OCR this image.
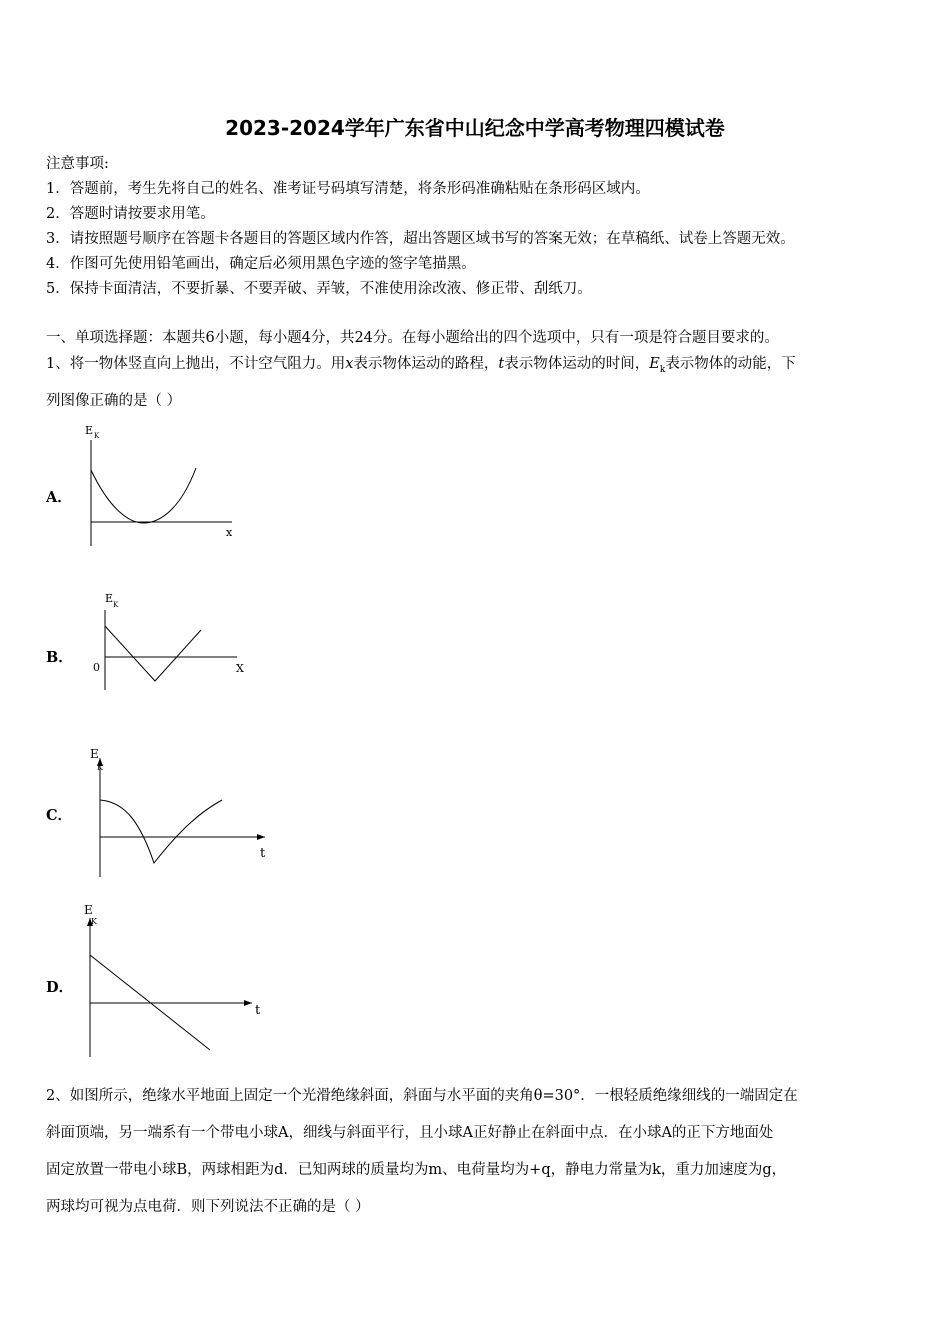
2023-2024学年广东省中山纪念中学高考物理四模试卷
注意事项:
1．答题前，考生先将自己的姓名、准考证号码填写清楚，将条形码准确粘贴在条形码区域内。
2．答题时请按要求用笔。
3．请按照题号顺序在答题卡各题目的答题区域内作答，超出答题区域书写的答案无效；在草稿纸、试卷上答题无效。
4．作图可先使用铅笔画出，确定后必须用黑色字迹的签字笔描黑。
5．保持卡面清洁，不要折暴、不要弄破、弄皱，不准使用涂改液、修正带、刮纸刀。
一、单项选择题：本题共6小题，每小题4分，共24分。在每小题给出的四个选项中，只有一项是符合题目要求的。
1、将一物体竖直向上抛出，不计空气阻力。用x表示物体运动的路程，t表示物体运动的时间，$E_k$表示物体的动能，下
列图像正确的是（ ）
A．
E K
x
B．
E K
0	X
C．
E
K
t
D．
E
K
t
2、如图所示，绝缘水平地面上固定一个光滑绝缘斜面，斜面与水平面的夹角θ=30°．一根轻质绝缘细线的一端固定在
斜面顶端，另一端系有一个带电小球A，细线与斜面平行，且小球A正好静止在斜面中点．在小球A的正下方地面处
固定放置一带电小球B，两球相距为d．已知两球的质量均为m、电荷量均为+q，静电力常量为k，重力加速度为g，
两球均可视为点电荷．则下列说法不正确的是（ ）
